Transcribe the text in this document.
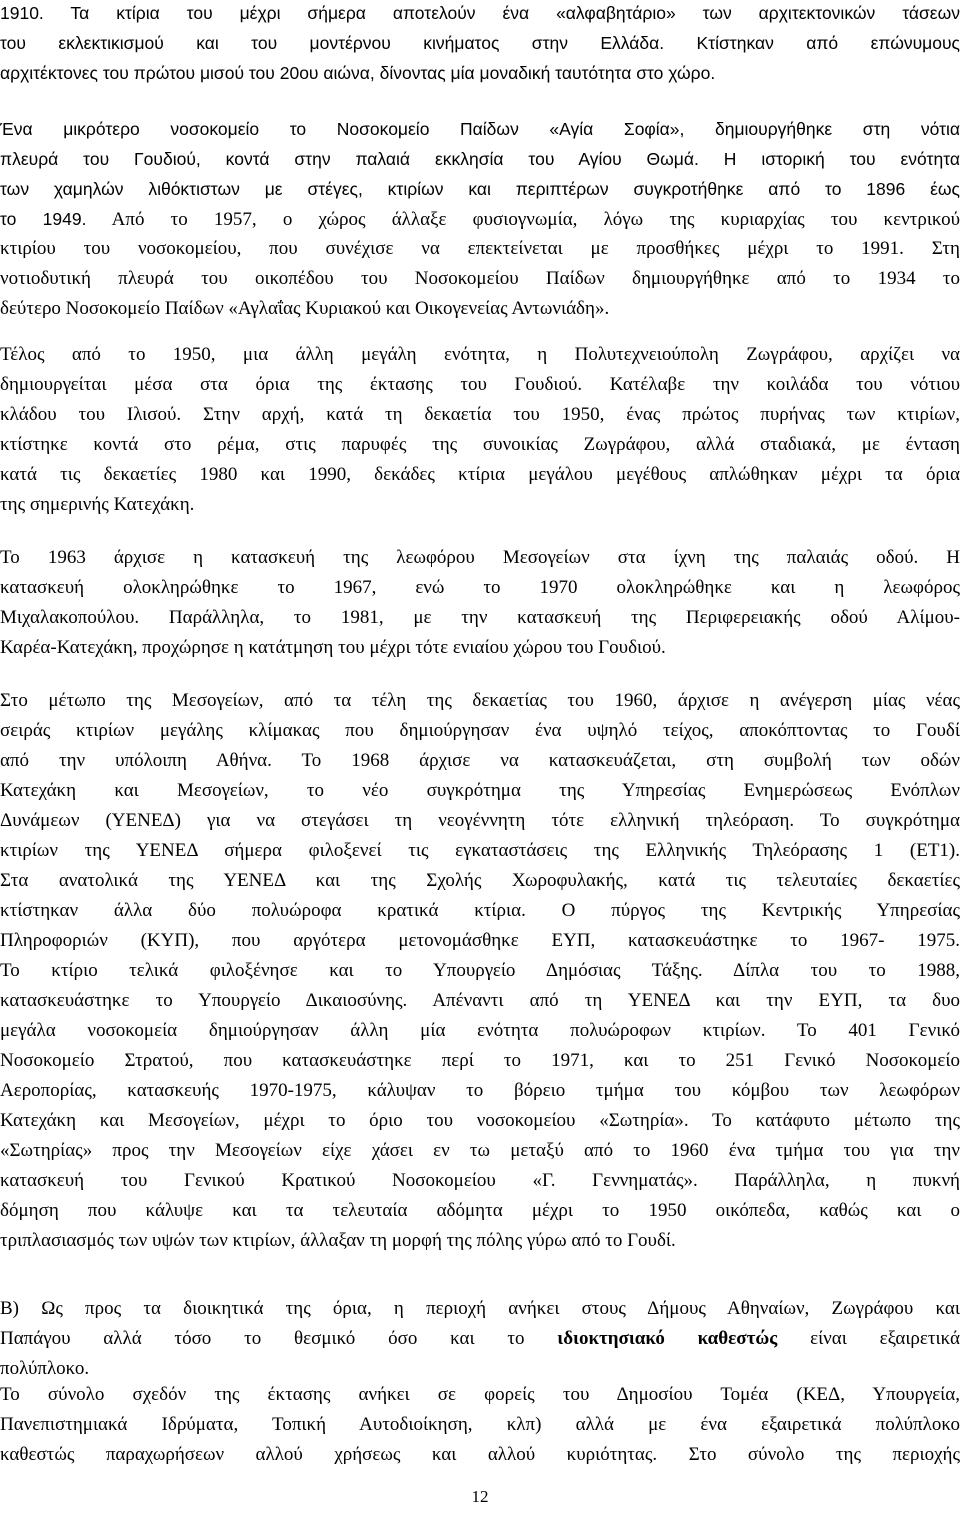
1910. Τα κτίρια του μέχρι σήμερα αποτελούν ένα «αλφαβητάριο» των αρχιτεκτονικών τάσεων
του εκλεκτικισμού και του μοντέρνου κινήματος στην Ελλάδα. Κτίστηκαν από επώνυμους
αρχιτέκτονες του πρώτου μισού του 20ου αιώνα, δίνοντας μία μοναδική ταυτότητα στο χώρο.
Ένα μικρότερο νοσοκομείο το Νοσοκομείο Παίδων «Αγία Σοφία», δημιουργήθηκε στη νότια
πλευρά του Γουδιού, κοντά στην παλαιά εκκλησία του Αγίου Θωμά. Η ιστορική του ενότητα
των χαμηλών λιθόκτιστων με στέγες, κτιρίων και περιπτέρων συγκροτήθηκε από το 1896 έως
το 1949. Από το 1957, ο χώρος άλλαξε φυσιογνωμία, λόγω της κυριαρχίας του κεντρικού
κτιρίου του νοσοκομείου, που συνέχισε να επεκτείνεται με προσθήκες μέχρι το 1991. Στη
νοτιοδυτική πλευρά του οικοπέδου του Νοσοκομείου Παίδων δημιουργήθηκε από το 1934 το
δεύτερο Νοσοκομείο Παίδων «Αγλαΐας Κυριακού και Οικογενείας Αντωνιάδη».
Τέλος από το 1950, μια άλλη μεγάλη ενότητα, η Πολυτεχνειούπολη Ζωγράφου, αρχίζει να
δημιουργείται μέσα στα όρια της έκτασης του Γουδιού. Κατέλαβε την κοιλάδα του νότιου
κλάδου του Ιλισού. Στην αρχή, κατά τη δεκαετία του 1950, ένας πρώτος πυρήνας των κτιρίων,
κτίστηκε κοντά στο ρέμα, στις παρυφές της συνοικίας Ζωγράφου, αλλά σταδιακά, με ένταση
κατά τις δεκαετίες 1980 και 1990, δεκάδες κτίρια μεγάλου μεγέθους απλώθηκαν μέχρι τα όρια
της σημερινής Κατεχάκη.
Το 1963 άρχισε η κατασκευή της λεωφόρου Μεσογείων στα ίχνη της παλαιάς οδού. Η
κατασκευή ολοκληρώθηκε το 1967, ενώ το 1970 ολοκληρώθηκε και η λεωφόρος
Μιχαλακοπούλου. Παράλληλα, το 1981, με την κατασκευή της Περιφερειακής οδού Αλίμου-
Καρέα-Κατεχάκη, προχώρησε η κατάτμηση του μέχρι τότε ενιαίου χώρου του Γουδιού.
Στο μέτωπο της Μεσογείων, από τα τέλη της δεκαετίας του 1960, άρχισε η ανέγερση μίας νέας
σειράς κτιρίων μεγάλης κλίμακας που δημιούργησαν ένα υψηλό τείχος, αποκόπτοντας το Γουδί
από την υπόλοιπη Αθήνα. Το 1968 άρχισε να κατασκευάζεται, στη συμβολή των οδών
Κατεχάκη και Μεσογείων, το νέο συγκρότημα της Υπηρεσίας Ενημερώσεως Ενόπλων
Δυνάμεων (ΥΕΝΕΔ) για να στεγάσει τη νεογέννητη τότε ελληνική τηλεόραση. Το συγκρότημα
κτιρίων της ΥΕΝΕΔ σήμερα φιλοξενεί τις εγκαταστάσεις της Ελληνικής Τηλεόρασης 1 (ΕΤ1).
Στα ανατολικά της ΥΕΝΕΔ και της Σχολής Χωροφυλακής, κατά τις τελευταίες δεκαετίες
κτίστηκαν άλλα δύο πολυώροφα κρατικά κτίρια. Ο πύργος της Κεντρικής Υπηρεσίας
Πληροφοριών (ΚΥΠ), που αργότερα μετονομάσθηκε ΕΥΠ, κατασκευάστηκε το 1967- 1975.
Το κτίριο τελικά φιλοξένησε και το Υπουργείο Δημόσιας Τάξης. Δίπλα του το 1988,
κατασκευάστηκε το Υπουργείο Δικαιοσύνης. Απέναντι από τη ΥΕΝΕΔ και την ΕΥΠ, τα δυο
μεγάλα νοσοκομεία δημιούργησαν άλλη μία ενότητα πολυώροφων κτιρίων. Το 401 Γενικό
Νοσοκομείο Στρατού, που κατασκευάστηκε περί το 1971, και το 251 Γενικό Νοσοκομείο
Αεροπορίας, κατασκευής 1970-1975, κάλυψαν το βόρειο τμήμα του κόμβου των λεωφόρων
Κατεχάκη και Μεσογείων, μέχρι το όριο του νοσοκομείου «Σωτηρία». Το κατάφυτο μέτωπο της
«Σωτηρίας» προς την Μεσογείων είχε χάσει εν τω μεταξύ από το 1960 ένα τμήμα του για την
κατασκευή του Γενικού Κρατικού Νοσοκομείου «Γ. Γεννηματάς». Παράλληλα, η πυκνή
δόμηση που κάλυψε και τα τελευταία αδόμητα μέχρι το 1950 οικόπεδα, καθώς και ο
τριπλασιασμός των υψών των κτιρίων, άλλαξαν τη μορφή της πόλης γύρω από το Γουδί.
Β) Ως προς τα διοικητικά της όρια, η περιοχή ανήκει στους Δήμους Αθηναίων, Ζωγράφου και
Παπάγου αλλά τόσο το θεσμικό όσο και το ιδιοκτησιακό καθεστώς είναι εξαιρετικά
πολύπλοκο.
Το σύνολο σχεδόν της έκτασης ανήκει σε φορείς του Δημοσίου Τομέα (ΚΕΔ, Υπουργεία,
Πανεπιστημιακά Ιδρύματα, Τοπική Αυτοδιοίκηση, κλπ) αλλά με ένα εξαιρετικά πολύπλοκο
καθεστώς παραχωρήσεων αλλού χρήσεως και αλλού κυριότητας. Στο σύνολο της περιοχής
12
